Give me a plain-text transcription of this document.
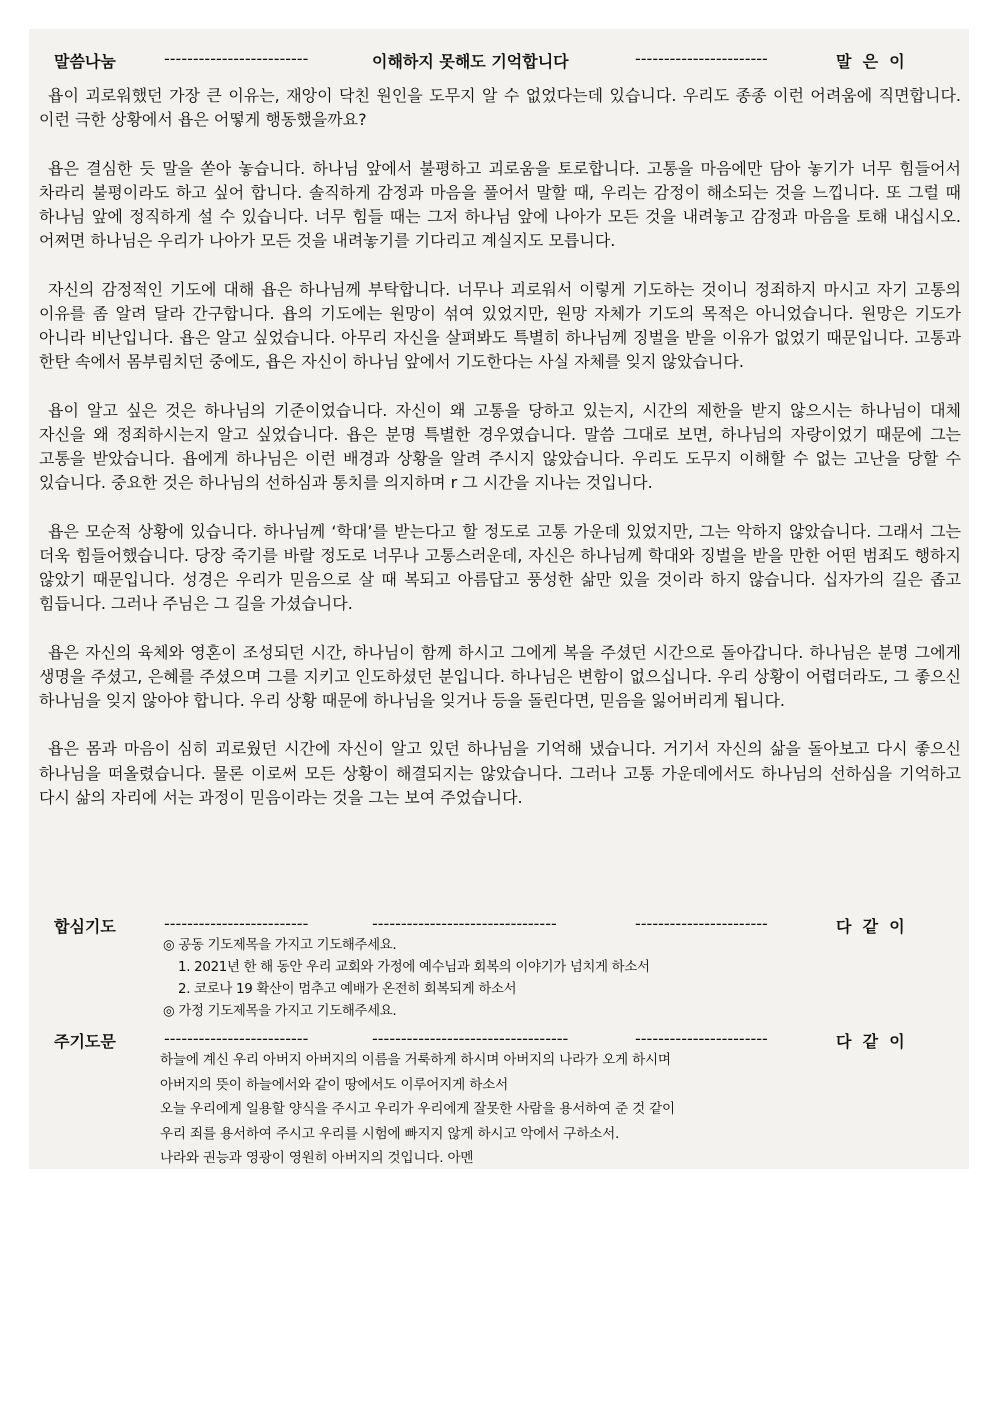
말씀나눔

	-------------------------

	이해하지 못해도 기억합니다

	-----------------------

	말  은  이

욥이 괴로워했던 가장 큰 이유는, 재앙이 닥친 원인을 도무지 알 수 없었다는데 있습니다. 우리도 종종 이런 어려움에 직면합니다. 이런 극한 상황에서 욥은 어떻게 행동했을까요?

욥은 결심한 듯 말을 쏟아 놓습니다. 하나님 앞에서 불평하고 괴로움을 토로합니다. 고통을 마음에만 담아 놓기가 너무 힘들어서 차라리 불평이라도 하고 싶어 합니다. 솔직하게 감정과 마음을 풀어서 말할 때, 우리는 감정이 해소되는 것을 느낍니다. 또 그럴 때 하나님 앞에 정직하게 설 수 있습니다. 너무 힘들 때는 그저 하나님 앞에 나아가 모든 것을 내려놓고 감정과 마음을 토해 내십시오. 어쩌면 하나님은 우리가 나아가 모든 것을 내려놓기를 기다리고 계실지도 모릅니다.

자신의 감정적인 기도에 대해 욥은 하나님께 부탁합니다. 너무나 괴로워서 이렇게 기도하는 것이니 정죄하지 마시고 자기 고통의 이유를 좀 알려 달라 간구합니다. 욥의 기도에는 원망이 섞여 있었지만, 원망 자체가 기도의 목적은 아니었습니다. 원망은 기도가 아니라 비난입니다. 욥은 알고 싶었습니다. 아무리 자신을 살펴봐도 특별히 하나님께 징벌을 받을 이유가 없었기 때문입니다. 고통과 한탄 속에서 몸부림치던 중에도, 욥은 자신이 하나님 앞에서 기도한다는 사실 자체를 잊지 않았습니다.

욥이 알고 싶은 것은 하나님의 기준이었습니다. 자신이 왜 고통을 당하고 있는지, 시간의 제한을 받지 않으시는 하나님이 대체 자신을 왜 정죄하시는지 알고 싶었습니다. 욥은 분명 특별한 경우였습니다. 말씀 그대로 보면, 하나님의 자랑이었기 때문에 그는 고통을 받았습니다. 욥에게 하나님은 이런 배경과 상황을 알려 주시지 않았습니다. 우리도 도무지 이해할 수 없는 고난을 당할 수 있습니다. 중요한 것은 하나님의 선하심과 통치를 의지하며 r 그 시간을 지나는 것입니다.

욥은 모순적 상황에 있습니다. 하나님께 ‘학대’를 받는다고 할 정도로 고통 가운데 있었지만, 그는 악하지 않았습니다. 그래서 그는 더욱 힘들어했습니다. 당장 죽기를 바랄 정도로 너무나 고통스러운데, 자신은 하나님께 학대와 징벌을 받을 만한 어떤 범죄도 행하지 않았기 때문입니다. 성경은 우리가 믿음으로 살 때 복되고 아름답고 풍성한 삶만 있을 것이라 하지 않습니다. 십자가의 길은 좁고 힘듭니다. 그러나 주님은 그 길을 가셨습니다.

욥은 자신의 육체와 영혼이 조성되던 시간, 하나님이 함께 하시고 그에게 복을 주셨던 시간으로 돌아갑니다. 하나님은 분명 그에게 생명을 주셨고, 은혜를 주셨으며 그를 지키고 인도하셨던 분입니다. 하나님은 변함이 없으십니다. 우리 상황이 어렵더라도, 그 좋으신 하나님을 잊지 않아야 합니다. 우리 상황 때문에 하나님을 잊거나 등을 돌린다면, 믿음을 잃어버리게 됩니다.

욥은 몸과 마음이 심히 괴로웠던 시간에 자신이 알고 있던 하나님을 기억해 냈습니다. 거기서 자신의 삶을 돌아보고 다시 좋으신 하나님을 떠올렸습니다. 물론 이로써 모든 상황이 해결되지는 않았습니다. 그러나 고통 가운데에서도 하나님의 선하심을 기억하고 다시 삶의 자리에 서는 과정이 믿음이라는 것을 그는 보여 주었습니다.

합심기도

	-------------------------

	--------------------------------

	-----------------------

	다  같  이

◎ 공동 기도제목을 가지고 기도해주세요.
1. 2021년 한 해 동안 우리 교회와 가정에 예수님과 회복의 이야기가 넘치게 하소서
2. 코로나 19 확산이 멈추고 예배가 온전히 회복되게 하소서
◎ 가정 기도제목을 가지고 기도해주세요.

주기도문

	-------------------------

	----------------------------------

	-----------------------

	다  같  이

하늘에 계신 우리 아버지 아버지의 이름을 거룩하게 하시며 아버지의 나라가 오게 하시며
아버지의 뜻이 하늘에서와 같이 땅에서도 이루어지게 하소서
오늘 우리에게 일용할 양식을 주시고 우리가 우리에게 잘못한 사람을 용서하여 준 것 같이
우리 죄를 용서하여 주시고 우리를 시험에 빠지지 않게 하시고 악에서 구하소서.
나라와 권능과 영광이 영원히 아버지의 것입니다. 아멘
